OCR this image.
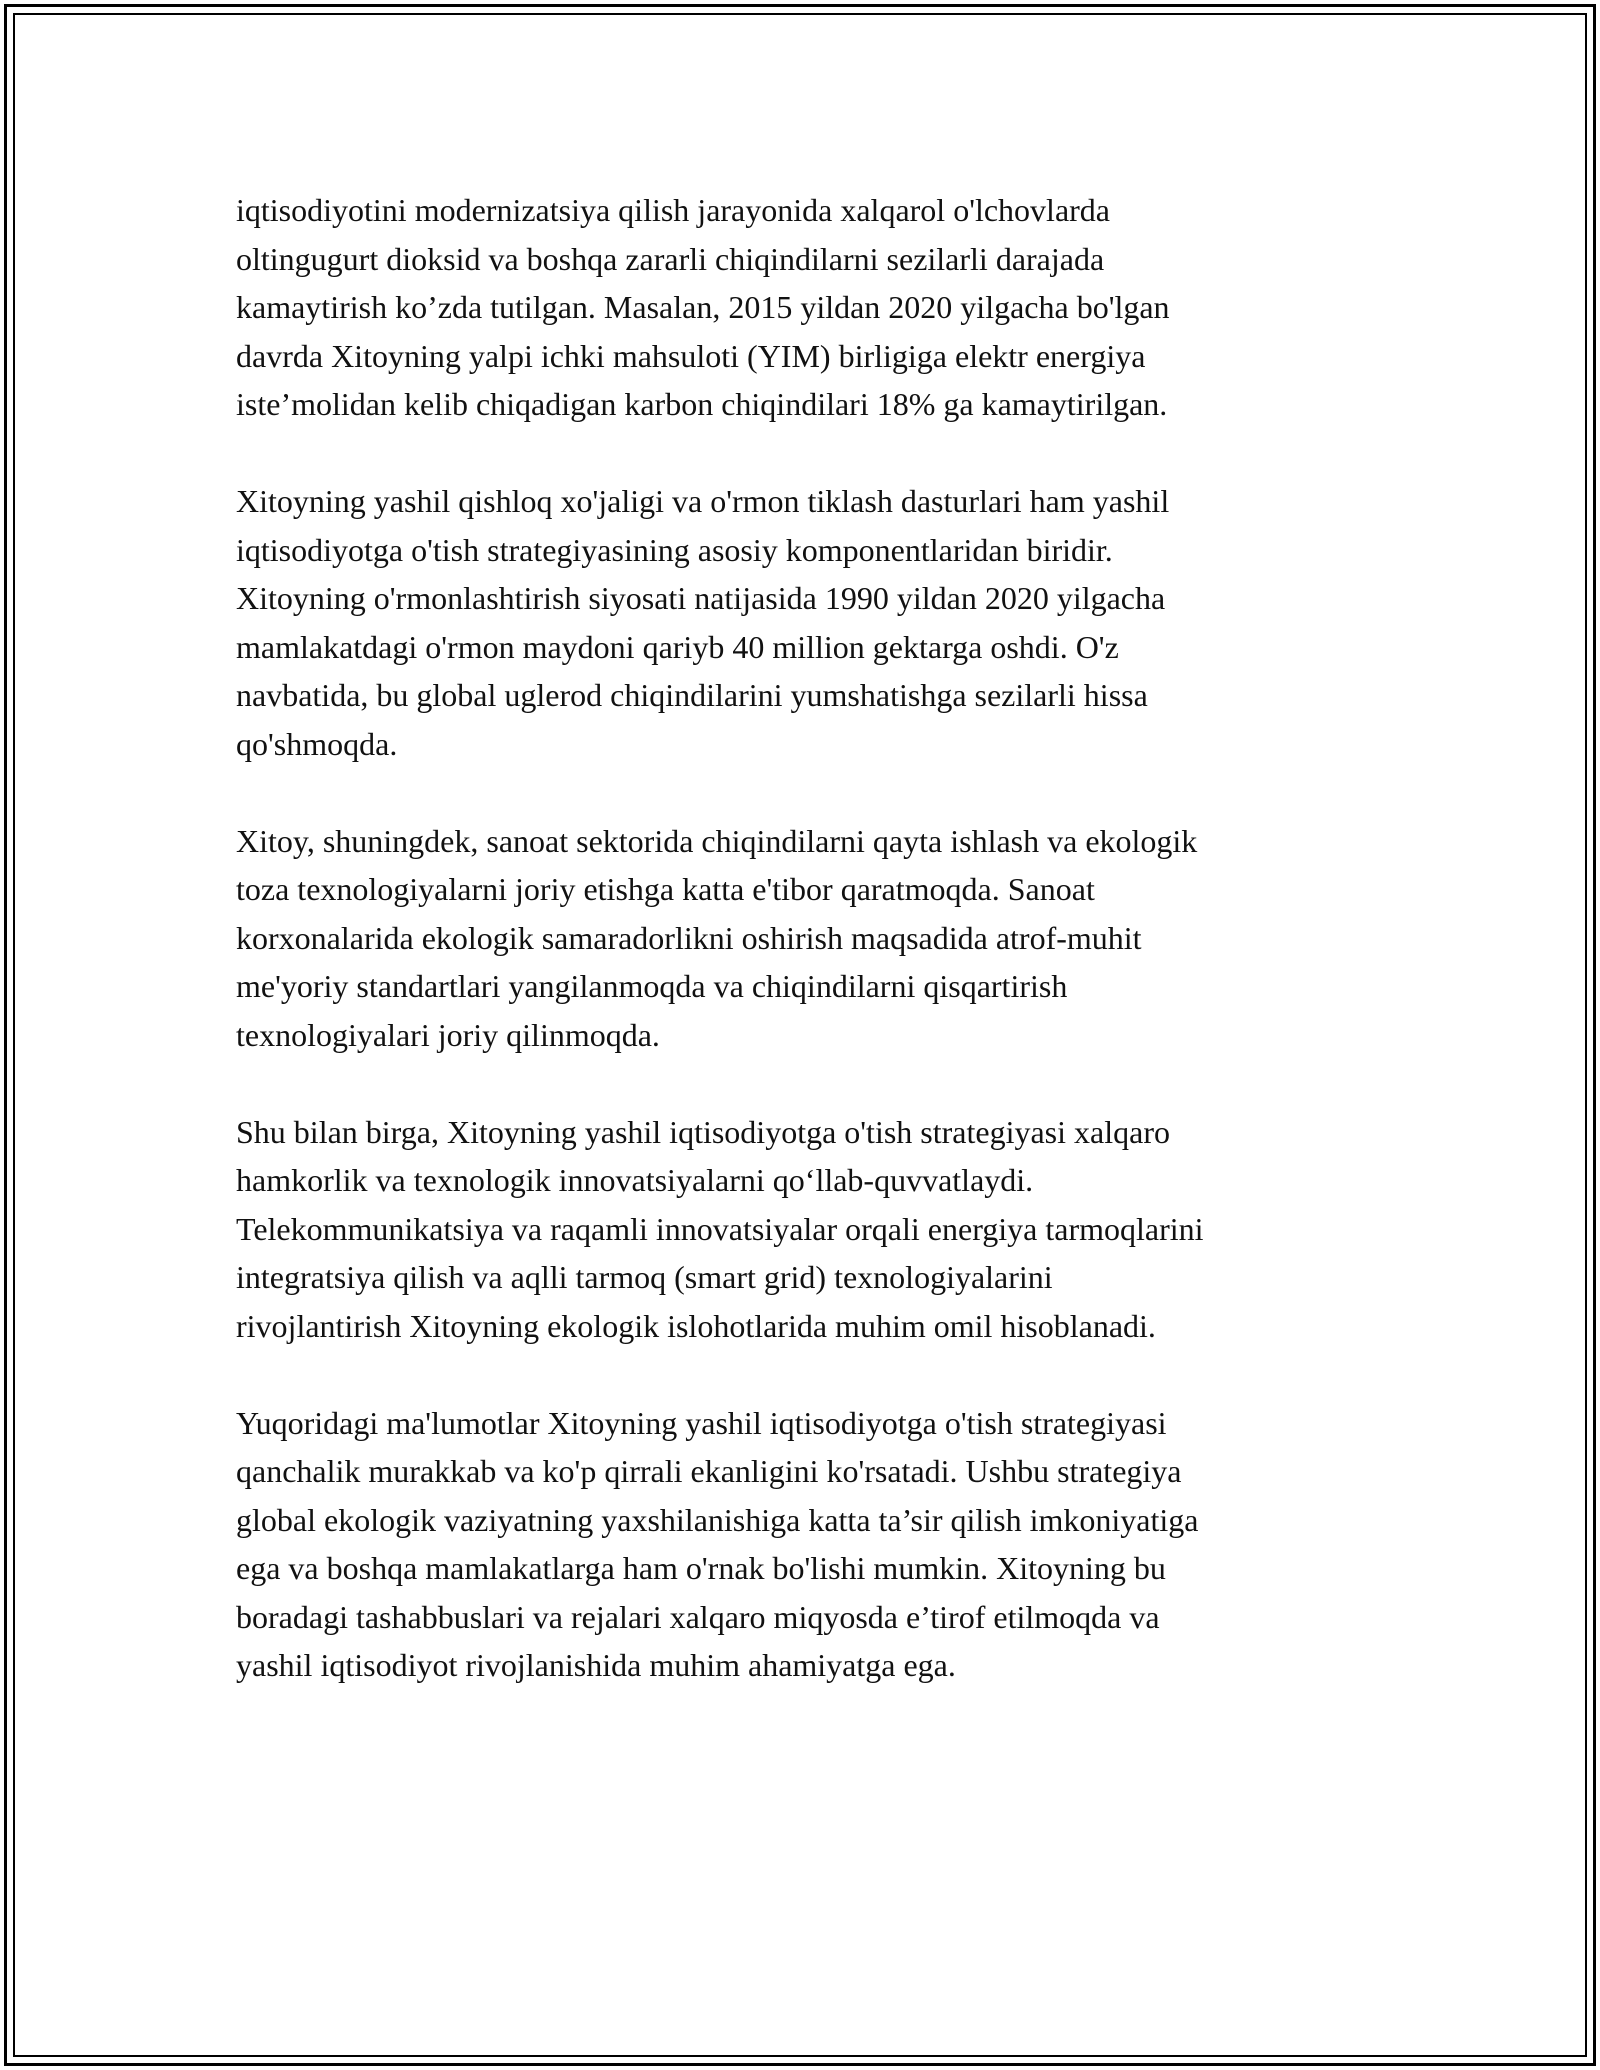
iqtisodiyotini modernizatsiya qilish jarayonida xalqarol o'lchovlarda
oltingugurt dioksid va boshqa zararli chiqindilarni sezilarli darajada
kamaytirish ko’zda tutilgan. Masalan, 2015 yildan 2020 yilgacha bo'lgan
davrda Xitoyning yalpi ichki mahsuloti (YIM) birligiga elektr energiya
iste’molidan kelib chiqadigan karbon chiqindilari 18% ga kamaytirilgan.

Xitoyning yashil qishloq xo'jaligi va o'rmon tiklash dasturlari ham yashil
iqtisodiyotga o'tish strategiyasining asosiy komponentlaridan biridir.
Xitoyning o'rmonlashtirish siyosati natijasida 1990 yildan 2020 yilgacha
mamlakatdagi o'rmon maydoni qariyb 40 million gektarga oshdi. O'z
navbatida, bu global uglerod chiqindilarini yumshatishga sezilarli hissa
qo'shmoqda.

Xitoy, shuningdek, sanoat sektorida chiqindilarni qayta ishlash va ekologik
toza texnologiyalarni joriy etishga katta e'tibor qaratmoqda. Sanoat
korxonalarida ekologik samaradorlikni oshirish maqsadida atrof-muhit
me'yoriy standartlari yangilanmoqda va chiqindilarni qisqartirish
texnologiyalari joriy qilinmoqda.

Shu bilan birga, Xitoyning yashil iqtisodiyotga o'tish strategiyasi xalqaro
hamkorlik va texnologik innovatsiyalarni qo‘llab-quvvatlaydi.
Telekommunikatsiya va raqamli innovatsiyalar orqali energiya tarmoqlarini
integratsiya qilish va aqlli tarmoq (smart grid) texnologiyalarini
rivojlantirish Xitoyning ekologik islohotlarida muhim omil hisoblanadi.

Yuqoridagi ma'lumotlar Xitoyning yashil iqtisodiyotga o'tish strategiyasi
qanchalik murakkab va ko'p qirrali ekanligini ko'rsatadi. Ushbu strategiya
global ekologik vaziyatning yaxshilanishiga katta ta’sir qilish imkoniyatiga
ega va boshqa mamlakatlarga ham o'rnak bo'lishi mumkin. Xitoyning bu
boradagi tashabbuslari va rejalari xalqaro miqyosda e’tirof etilmoqda va
yashil iqtisodiyot rivojlanishida muhim ahamiyatga ega.
